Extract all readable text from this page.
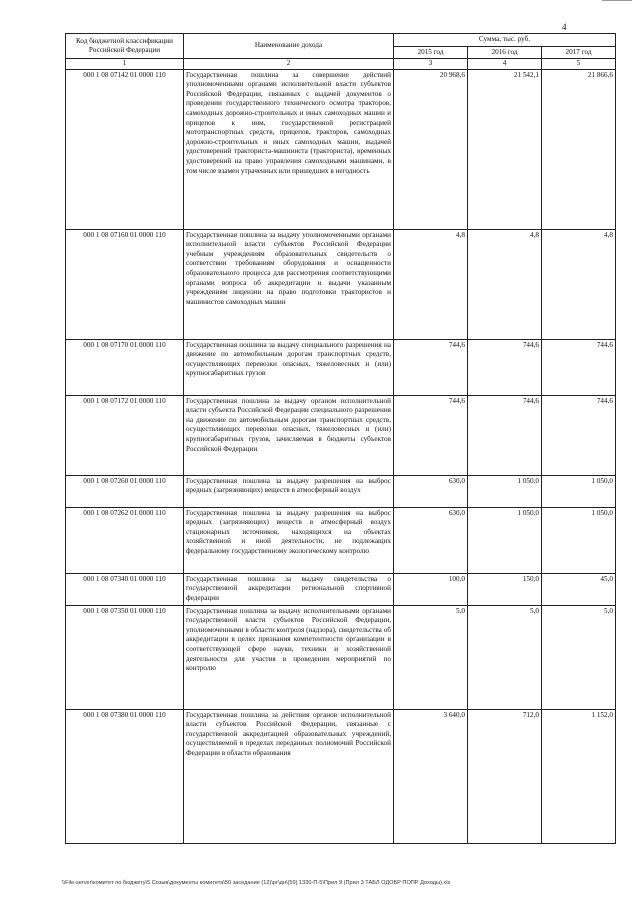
4
Код бюджетной классификации Российской Федерации	Наименование дохода	Сумма, тыс. руб.		
		2015 год	2016 год	2017 год
1	2	3	4	5
000 1 08 07142 01 0000 110	Государственная пошлина за совершение действий уполномоченными органами исполнительной власти субъектов Российской Федерации, связанных с выдачей документов о проведении государственного технического осмотра тракторов, самоходных дорожно-строительных и иных самоходных машин и прицепов к ним, государственной регистрацией мототранспортных средств, прицепов, тракторов, самоходных дорожно-строительных и иных самоходных машин, выдачей удостоверений тракториста-машиниста (тракториста), временных удостоверений на право управления самоходными машинами, в том числе взамен утраченных или пришедших в негодность	20 968,6	21 542,1	21 866,6
000 1 08 07160 01 0000 110	Государственная пошлина за выдачу уполномоченными органами исполнительной власти субъектов Российской Федерации учебным учреждениям образовательных свидетельств о соответствии требованиям оборудования и оснащенности образовательного процесса для рассмотрения соответствующими органами вопроса об аккредитации и выдачи указанным учреждениям лицензии на право подготовки трактористов и машинистов самоходных машин	4,8	4,8	4,8
000 1 08 07170 01 0000 110	Государственная пошлина за выдачу специального разрешения на движение по автомобильным дорогам транспортных средств, осуществляющих перевозки опасных, тяжеловесных и (или) крупногабаритных грузов	744,6	744,6	744,6
000 1 08 07172 01 0000 110	Государственная пошлина за выдачу органом исполнительной власти субъекта Российской Федерации специального разрешения на движение по автомобильным дорогам транспортных средств, осуществляющих перевозки опасных, тяжеловесных и (или) крупногабаритных грузов, зачисляемая в бюджеты субъектов Российской Федерации	744,6	744,6	744,6
000 1 08 07260 01 0000 110	Государственная пошлина за выдачу разрешения на выброс вредных (загрязняющих) веществ в атмосферный воздух	630,0	1 050,0	1 050,0
000 1 08 07262 01 0000 110	Государственная пошлина за выдачу разрешения на выброс вредных (загрязняющих) веществ в атмосферный воздух стационарных источников, находящихся на объектах хозяйственной и иной деятельности, не подлежащих федеральному государственному экологическому контролю	630,0	1 050,0	1 050,0
000 1 08 07340 01 0000 110	Государственная пошлина за выдачу свидетельства о государственной аккредитации региональной спортивной федерации	100,0	150,0	45,0
000 1 08 07350 01 0000 110	Государственная пошлина за выдачу исполнительными органами государственной власти субъектов Российской Федерации, уполномоченными в области контроля (надзора), свидетельства об аккредитации в целях признания компетентности организации в соответствующей сфере науки, техники и хозяйственной деятельности для участия в проведении мероприятий по контролю	5,0	5,0	5,0
000 1 08 07380 01 0000 110	Государственная пошлина за действия органов исполнительной власти субъектов Российской Федерации, связанные с государственной аккредитацией образовательных учреждений, осуществляемой в пределах переданных полномочий Российской Федерации в области образования	3 640,0	712,0	1 152,0
\\File-server\комитет по бюджету\5 Созыв\документы комитета\50 заседание (12)\рг\дн\(59) 1330-П-5\Прил 9 (Прил 3 ТАБЛ ОДОБР ПОПР Доходы).xls
